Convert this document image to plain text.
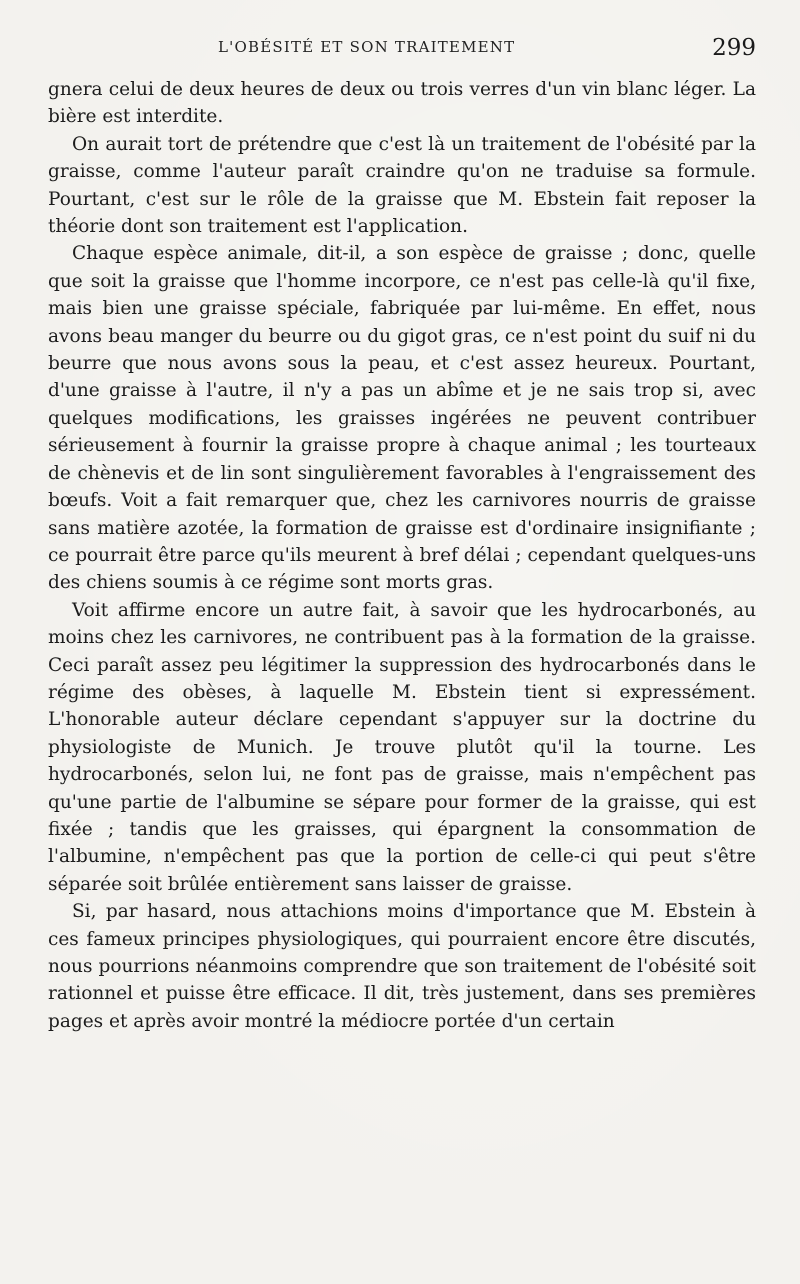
L'OBÉSITÉ ET SON TRAITEMENT	299

gnera celui de deux heures de deux ou trois verres d'un vin blanc léger. La bière est interdite.

On aurait tort de prétendre que c'est là un traitement de l'obésité par la graisse, comme l'auteur paraît craindre qu'on ne traduise sa formule. Pourtant, c'est sur le rôle de la graisse que M. Ebstein fait reposer la théorie dont son traitement est l'application.

Chaque espèce animale, dit-il, a son espèce de graisse ; donc, quelle que soit la graisse que l'homme incorpore, ce n'est pas celle-là qu'il fixe, mais bien une graisse spéciale, fabriquée par lui-même. En effet, nous avons beau manger du beurre ou du gigot gras, ce n'est point du suif ni du beurre que nous avons sous la peau, et c'est assez heureux. Pourtant, d'une graisse à l'autre, il n'y a pas un abîme et je ne sais trop si, avec quelques modifications, les graisses ingérées ne peuvent contribuer sérieusement à fournir la graisse propre à chaque animal ; les tourteaux de chènevis et de lin sont singulièrement favorables à l'engraissement des bœufs. Voit a fait remarquer que, chez les carnivores nourris de graisse sans matière azotée, la formation de graisse est d'ordinaire insignifiante ; ce pourrait être parce qu'ils meurent à bref délai ; cependant quelques-uns des chiens soumis à ce régime sont morts gras.

Voit affirme encore un autre fait, à savoir que les hydrocarbonés, au moins chez les carnivores, ne contribuent pas à la formation de la graisse. Ceci paraît assez peu légitimer la suppression des hydrocarbonés dans le régime des obèses, à laquelle M. Ebstein tient si expressément. L'honorable auteur déclare cependant s'appuyer sur la doctrine du physiologiste de Munich. Je trouve plutôt qu'il la tourne. Les hydrocarbonés, selon lui, ne font pas de graisse, mais n'empêchent pas qu'une partie de l'albumine se sépare pour former de la graisse, qui est fixée ; tandis que les graisses, qui épargnent la consommation de l'albumine, n'empêchent pas que la portion de celle-ci qui peut s'être séparée soit brûlée entièrement sans laisser de graisse.

Si, par hasard, nous attachions moins d'importance que M. Ebstein à ces fameux principes physiologiques, qui pourraient encore être discutés, nous pourrions néanmoins comprendre que son traitement de l'obésité soit rationnel et puisse être efficace. Il dit, très justement, dans ses premières pages et après avoir montré la médiocre portée d'un certain
